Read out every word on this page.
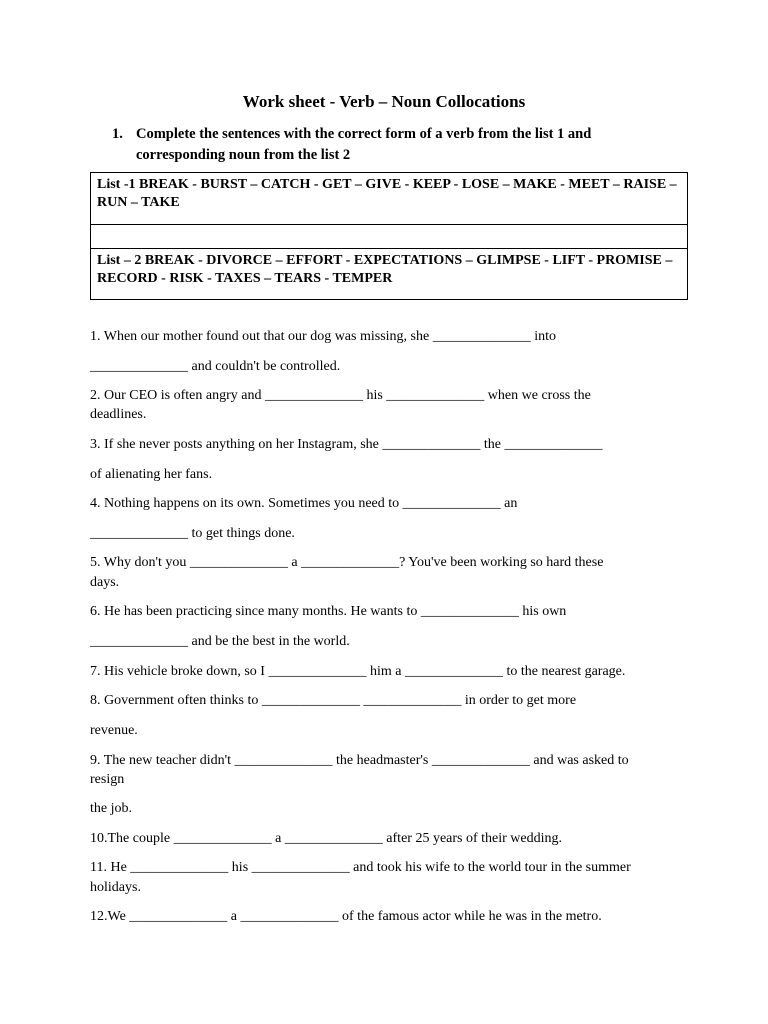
Work sheet - Verb – Noun Collocations
1. Complete the sentences with the correct form of a verb from the list 1 and corresponding noun from the list 2
List -1 BREAK - BURST – CATCH - GET – GIVE - KEEP - LOSE – MAKE - MEET – RAISE – RUN – TAKE
List – 2 BREAK - DIVORCE – EFFORT - EXPECTATIONS – GLIMPSE - LIFT - PROMISE – RECORD - RISK - TAXES – TEARS - TEMPER
1. When our mother found out that our dog was missing, she ______________ into
______________ and couldn't be controlled.
2. Our CEO is often angry and ______________ his ______________ when we cross the
deadlines.
3. If she never posts anything on her Instagram, she ______________ the ______________
of alienating her fans.
4. Nothing happens on its own. Sometimes you need to ______________ an
______________ to get things done.
5. Why don't you ______________ a ______________? You've been working so hard these
days.
6. He has been practicing since many months. He wants to ______________ his own
______________ and be the best in the world.
7. His vehicle broke down, so I ______________ him a ______________ to the nearest garage.
8. Government often thinks to ______________ ______________ in order to get more
revenue.
9. The new teacher didn't ______________ the headmaster's ______________ and was asked to
resign
the job.
10.The couple ______________ a ______________ after 25 years of their wedding.
11. He ______________ his ______________ and took his wife to the world tour in the summer
holidays.
12.We ______________ a ______________ of the famous actor while he was in the metro.
